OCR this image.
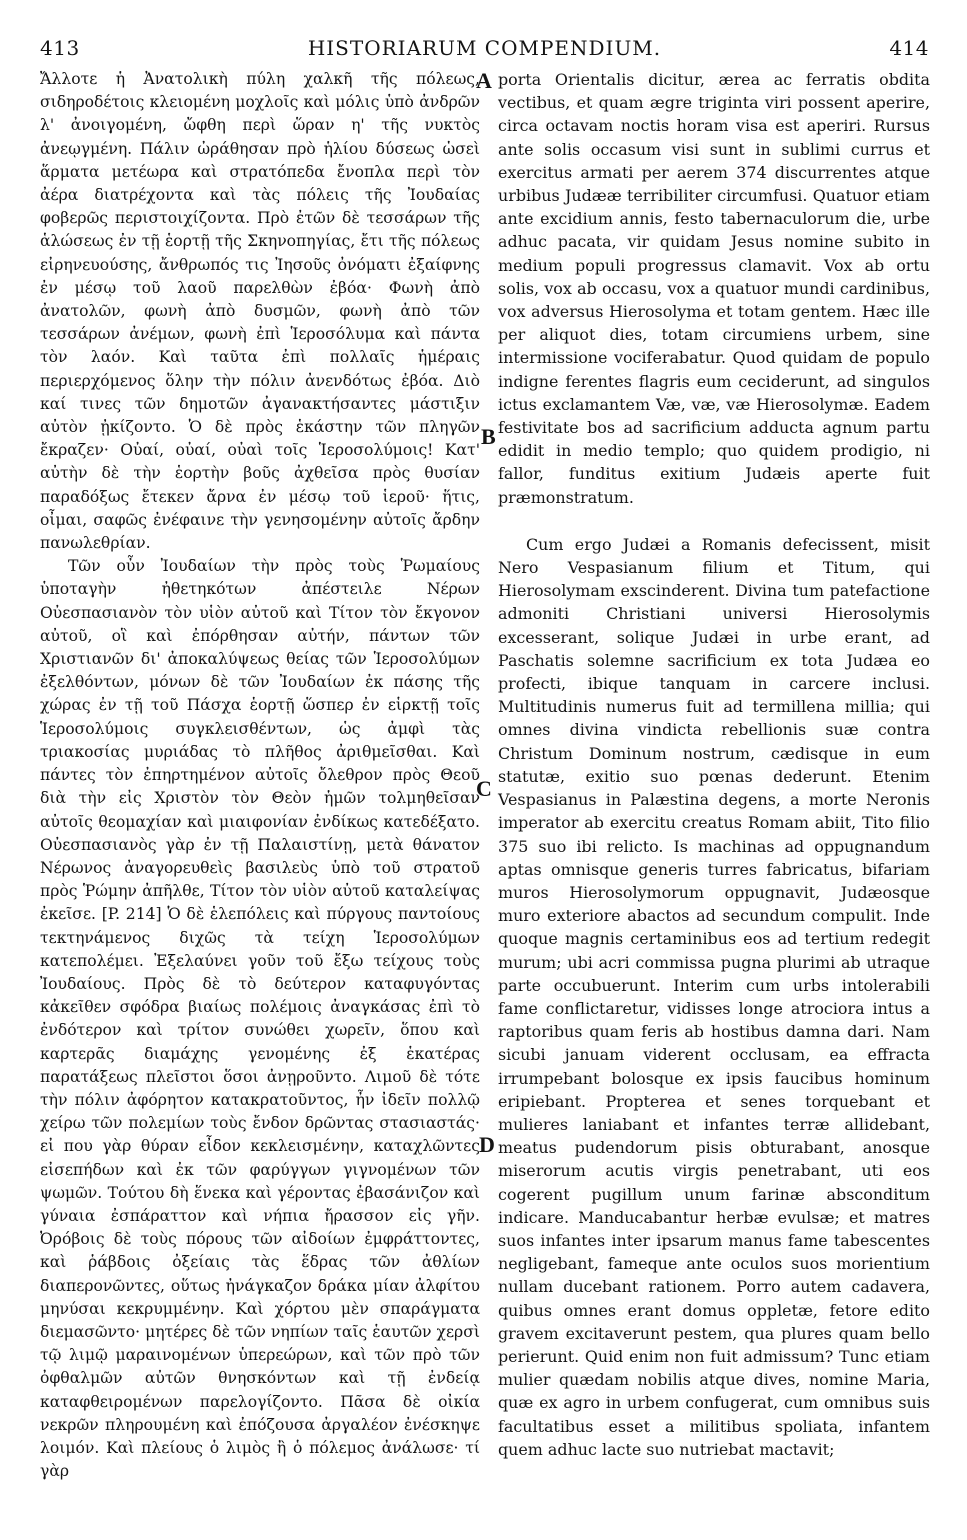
413	HISTORIARUM COMPENDIUM.	414

Ἄλλοτε ἡ Ἀνατολικὴ πύλη χαλκῆ τῆς πόλεως, σιδηροδέτοις κλειομένη μοχλοῖς καὶ μόλις ὑπὸ ἀνδρῶν λ' ἀνοιγομένη, ὤφθη περὶ ὥραν η' τῆς νυκτὸς ἀνεῳγμένη. Πάλιν ὠράθησαν πρὸ ἡλίου δύσεως ὡσεὶ ἅρματα μετέωρα καὶ στρατόπεδα ἔνοπλα περὶ τὸν ἀέρα διατρέχοντα καὶ τὰς πόλεις τῆς Ἰουδαίας φοβερῶς περιστοιχίζοντα. Πρὸ ἐτῶν δὲ τεσσάρων τῆς ἁλώσεως ἐν τῇ ἑορτῇ τῆς Σκηνοπηγίας, ἔτι τῆς πόλεως εἰρηνευούσης, ἄνθρωπός τις Ἰησοῦς ὀνόματι ἐξαίφνης ἐν μέσῳ τοῦ λαοῦ παρελθὼν ἐβόα· Φωνὴ ἀπὸ ἀνατολῶν, φωνὴ ἀπὸ δυσμῶν, φωνὴ ἀπὸ τῶν τεσσάρων ἀνέμων, φωνὴ ἐπὶ Ἱεροσόλυμα καὶ πάντα τὸν λαόν. Καὶ ταῦτα ἐπὶ πολλαῖς ἡμέραις περιερχόμενος ὅλην τὴν πόλιν ἀνενδότως ἐβόα. Διὸ καί τινες τῶν δημοτῶν ἀγανακτήσαντες μάστιξιν αὐτὸν ᾐκίζοντο. Ὁ δὲ πρὸς ἑκάστην τῶν πληγῶν ἔκραζεν· Οὐαί, οὐαί, οὐαὶ τοῖς Ἱεροσολύμοις! Κατ' αὐτὴν δὲ τὴν ἑορτὴν βοῦς ἀχθεῖσα πρὸς θυσίαν παραδόξως ἔτεκεν ἄρνα ἐν μέσῳ τοῦ ἱεροῦ· ἥτις, οἶμαι, σαφῶς ἐνέφαινε τὴν γενησομένην αὐτοῖς ἄρδην πανωλεθρίαν.

Τῶν οὖν Ἰουδαίων τὴν πρὸς τοὺς Ῥωμαίους ὑποταγὴν ἠθετηκότων ἀπέστειλε Νέρων Οὐεσπασιανὸν τὸν υἱὸν αὐτοῦ καὶ Τίτον τὸν ἔκγονον αὐτοῦ, οἳ καὶ ἐπόρθησαν αὐτήν, πάντων τῶν Χριστιανῶν δι' ἀποκαλύψεως θείας τῶν Ἱεροσολύμων ἐξελθόντων, μόνων δὲ τῶν Ἰουδαίων ἐκ πάσης τῆς χώρας ἐν τῇ τοῦ Πάσχα ἑορτῇ ὥσπερ ἐν εἱρκτῇ τοῖς Ἱεροσολύμοις συγκλεισθέντων, ὡς ἀμφὶ τὰς τριακοσίας μυριάδας τὸ πλῆθος ἀριθμεῖσθαι. Καὶ πάντες τὸν ἐπηρτημένον αὐτοῖς ὄλεθρον πρὸς Θεοῦ διὰ τὴν εἰς Χριστὸν τὸν Θεὸν ἡμῶν τολμηθεῖσαν αὐτοῖς θεομαχίαν καὶ μιαιφονίαν ἐνδίκως κατεδέξατο. Οὐεσπασιανὸς γὰρ ἐν τῇ Παλαιστίνῃ, μετὰ θάνατον Νέρωνος ἀναγορευθεὶς βασιλεὺς ὑπὸ τοῦ στρατοῦ πρὸς Ῥώμην ἀπῆλθε, Τίτον τὸν υἱὸν αὐτοῦ καταλείψας ἐκεῖσε. [P. 214] Ὁ δὲ ἑλεπόλεις καὶ πύργους παντοίους τεκτηνάμενος διχῶς τὰ τείχη Ἱεροσολύμων κατεπολέμει. Ἐξελαύνει γοῦν τοῦ ἔξω τείχους τοὺς Ἰουδαίους. Πρὸς δὲ τὸ δεύτερον καταφυγόντας κἀκεῖθεν σφόδρα βιαίως πολέμοις ἀναγκάσας ἐπὶ τὸ ἐνδότερον καὶ τρίτον συνώθει χωρεῖν, ὅπου καὶ καρτερᾶς διαμάχης γενομένης ἐξ ἑκατέρας παρατάξεως πλεῖστοι ὅσοι ἀνῃροῦντο. Λιμοῦ δὲ τότε τὴν πόλιν ἀφόρητον κατακρατοῦντος, ἦν ἰδεῖν πολλῷ χείρω τῶν πολεμίων τοὺς ἔνδον δρῶντας στασιαστάς· εἰ που γὰρ θύραν εἶδον κεκλεισμένην, καταχλῶντες εἰσεπήδων καὶ ἐκ τῶν φαρύγγων γιγνομένων τῶν ψωμῶν. Τούτου δὴ ἕνεκα καὶ γέροντας ἐβασάνιζον καὶ γύναια ἐσπάραττον καὶ νήπια ἤρασσον εἰς γῆν. Ὀρόβοις δὲ τοὺς πόρους τῶν αἰδοίων ἐμφράττοντες, καὶ ῥάβδοις ὀξείαις τὰς ἕδρας τῶν ἀθλίων διαπερονῶντες, οὕτως ἠνάγκαζον δράκα μίαν ἀλφίτου μηνύσαι κεκρυμμένην. Καὶ χόρτου μὲν σπαράγματα διεμασῶντο· μητέρες δὲ τῶν νηπίων ταῖς ἑαυτῶν χερσὶ τῷ λιμῷ μαραινομένων ὑπερεώρων, καὶ τῶν πρὸ τῶν ὀφθαλμῶν αὐτῶν θνησκόντων καὶ τῇ ἐνδείᾳ καταφθειρομένων παρελογίζοντο. Πᾶσα δὲ οἰκία νεκρῶν πληρουμένη καὶ ἐπόζουσα ἀργαλέον ἐνέσκηψε λοιμόν. Καὶ πλείους ὁ λιμὸς ἢ ὁ πόλεμος ἀνάλωσε· τί γὰρ

A
B
C
D

porta Orientalis dicitur, ærea ac ferratis obdita vectibus, et quam ægre triginta viri possent aperire, circa octavam noctis horam visa est aperiri. Rursus ante solis occasum visi sunt in sublimi currus et exercitus armati per aerem 374 discurrentes atque urbibus Judææ terribiliter circumfusi. Quatuor etiam ante excidium annis, festo tabernaculorum die, urbe adhuc pacata, vir quidam Jesus nomine subito in medium populi progressus clamavit. Vox ab ortu solis, vox ab occasu, vox a quatuor mundi cardinibus, vox adversus Hierosolyma et totam gentem. Hæc ille per aliquot dies, totam circumiens urbem, sine intermissione vociferabatur. Quod quidam de populo indigne ferentes flagris eum ceciderunt, ad singulos ictus exclamantem Væ, væ, væ Hierosolymæ. Eadem festivitate bos ad sacrificium adducta agnum partu edidit in medio templo; quo quidem prodigio, ni fallor, funditus exitium Judæis aperte fuit præmonstratum.

Cum ergo Judæi a Romanis defecissent, misit Nero Vespasianum filium et Titum, qui Hierosolymam exscinderent. Divina tum patefactione admoniti Christiani universi Hierosolymis excesserant, solique Judæi in urbe erant, ad Paschatis solemne sacrificium ex tota Judæa eo profecti, ibique tanquam in carcere inclusi. Multitudinis numerus fuit ad termillena millia; qui omnes divina vindicta rebellionis suæ contra Christum Dominum nostrum, cædisque in eum statutæ, exitio suo pœnas dederunt. Etenim Vespasianus in Palæstina degens, a morte Neronis imperator ab exercitu creatus Romam abiit, Tito filio 375 suo ibi relicto. Is machinas ad oppugnandum aptas omnisque generis turres fabricatus, bifariam muros Hierosolymorum oppugnavit, Judæosque muro exteriore abactos ad secundum compulit. Inde quoque magnis certaminibus eos ad tertium redegit murum; ubi acri commissa pugna plurimi ab utraque parte occubuerunt. Interim cum urbs intolerabili fame conflictaretur, vidisses longe atrociora intus a raptoribus quam feris ab hostibus damna dari. Nam sicubi januam viderent occlusam, ea effracta irrumpebant bolosque ex ipsis faucibus hominum eripiebant. Propterea et senes torquebant et mulieres laniabant et infantes terræ allidebant, meatus pudendorum pisis obturabant, anosque miserorum acutis virgis penetrabant, uti eos cogerent pugillum unum farinæ absconditum indicare. Manducabantur herbæ evulsæ; et matres suos infantes inter ipsarum manus fame tabescentes negligebant, fameque ante oculos suos morientium nullam ducebant rationem. Porro autem cadavera, quibus omnes erant domus oppletæ, fetore edito gravem excitaverunt pestem, qua plures quam bello perierunt. Quid enim non fuit admissum? Tunc etiam mulier quædam nobilis atque dives, nomine Maria, quæ ex agro in urbem confugerat, cum omnibus suis facultatibus esset a militibus spoliata, infantem quem adhuc lacte suo nutriebat mactavit;
